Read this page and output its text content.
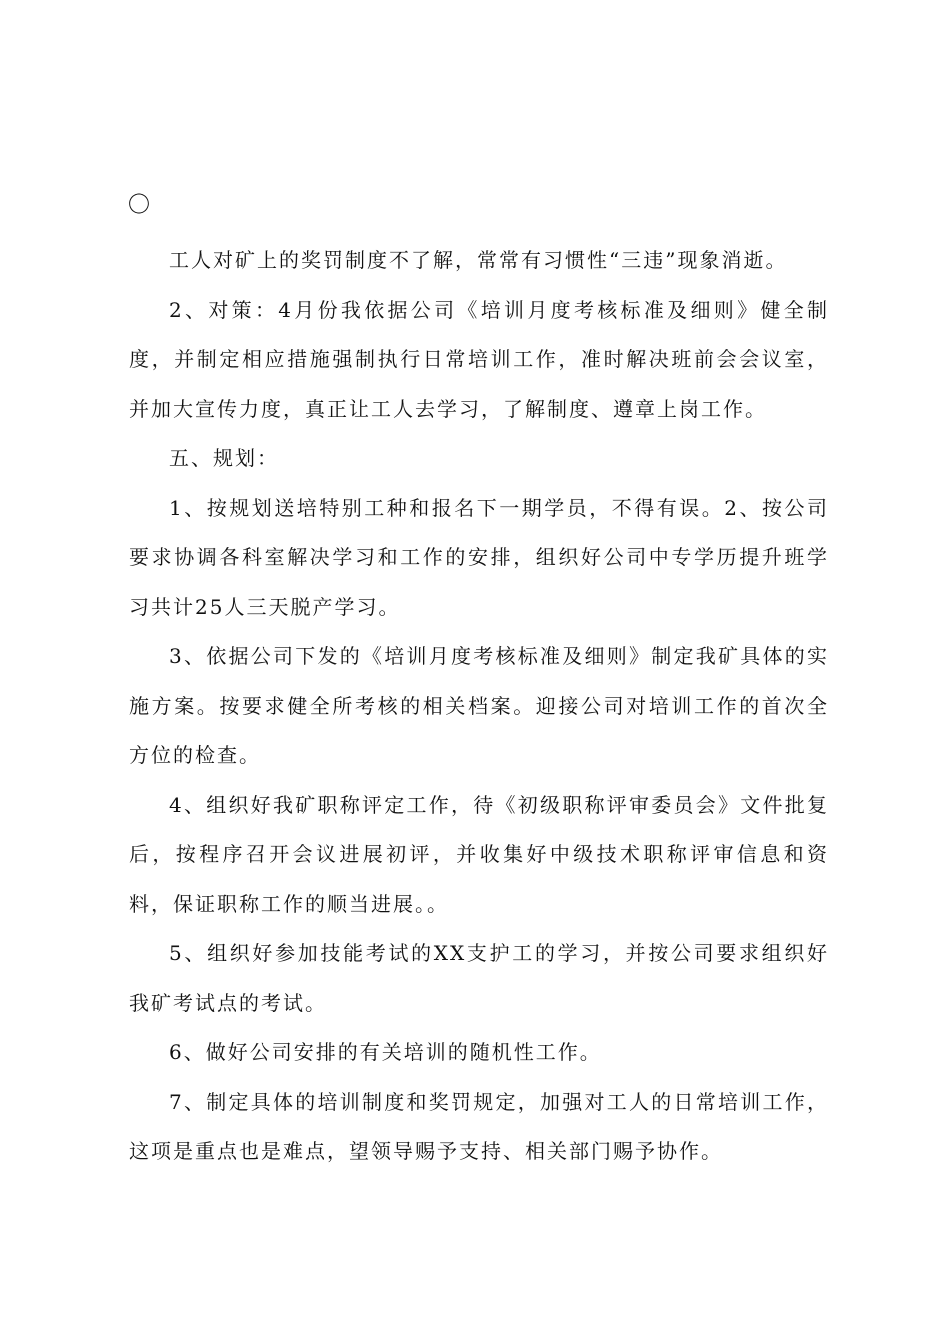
〇

工人对矿上的奖罚制度不了解，常常有习惯性“三违”现象消逝。

2、对策：4月份我依据公司《培训月度考核标准及细则》健全制度，并制定相应措施强制执行日常培训工作，准时解决班前会会议室，并加大宣传力度，真正让工人去学习，了解制度、遵章上岗工作。

五、规划：

1、按规划送培特别工种和报名下一期学员，不得有误。2、按公司要求协调各科室解决学习和工作的安排，组织好公司中专学历提升班学习共计25人三天脱产学习。

3、依据公司下发的《培训月度考核标准及细则》制定我矿具体的实施方案。按要求健全所考核的相关档案。迎接公司对培训工作的首次全方位的检查。

4、组织好我矿职称评定工作，待《初级职称评审委员会》文件批复后，按程序召开会议进展初评，并收集好中级技术职称评审信息和资料，保证职称工作的顺当进展。。

5、组织好参加技能考试的XX支护工的学习，并按公司要求组织好我矿考试点的考试。

6、做好公司安排的有关培训的随机性工作。

7、制定具体的培训制度和奖罚规定，加强对工人的日常培训工作，这项是重点也是难点，望领导赐予支持、相关部门赐予协作。
